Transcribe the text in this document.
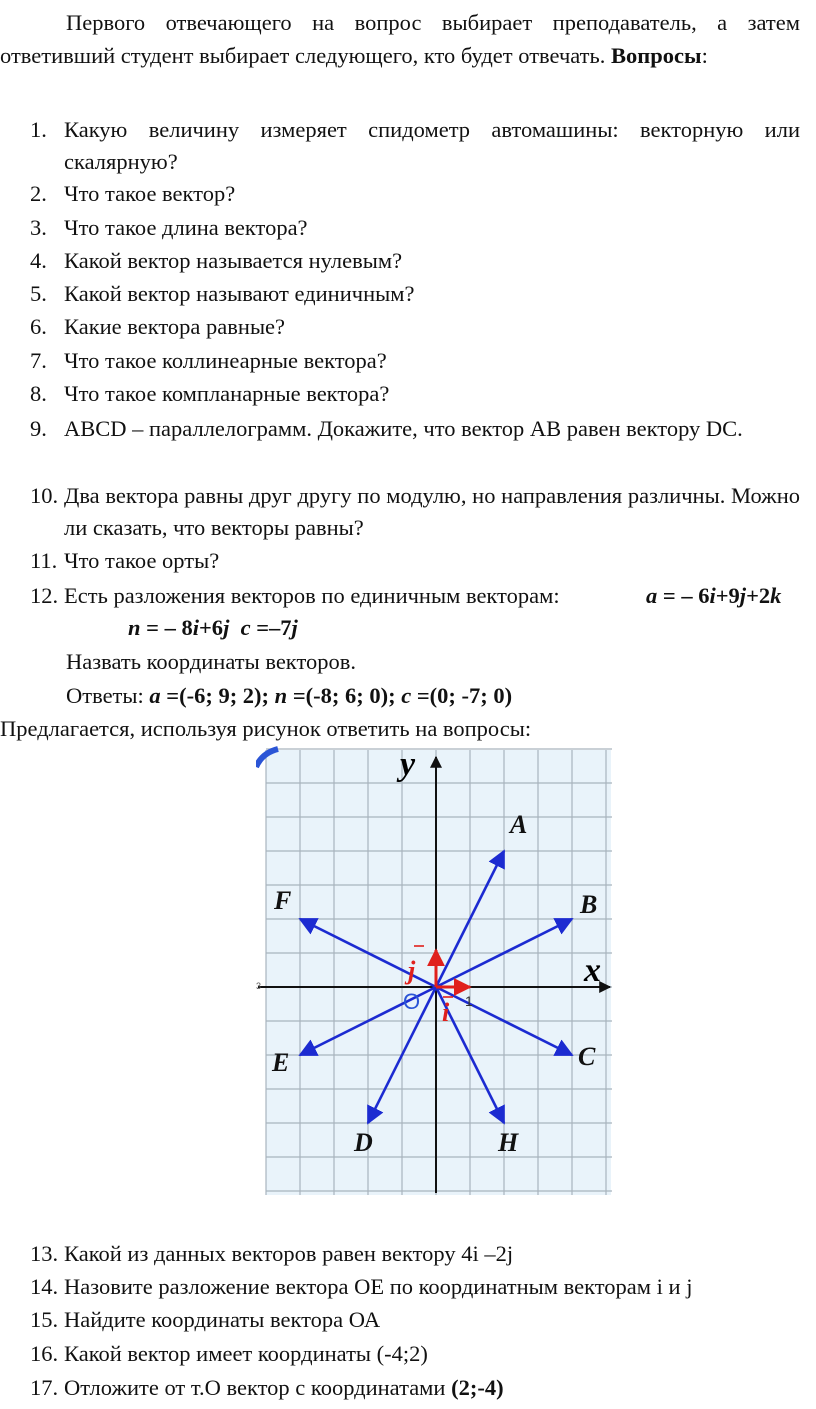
Первого отвечающего на вопрос выбирает преподаватель, а затем ответивший студент выбирает следующего, кто будет отвечать. Вопросы:
1. Какую величину измеряет спидометр автомашины: векторную или скалярную?
2. Что такое вектор?
3. Что такое длина вектора?
4. Какой вектор называется нулевым?
5. Какой вектор называют единичным?
6. Какие вектора равные?
7. Что такое коллинеарные вектора?
8. Что такое компланарные вектора?
9. ABCD – параллелограмм. Докажите, что вектор АВ равен вектору DC.
10. Два вектора равны друг другу по модулю, но направления различны. Можно ли сказать, что векторы равны?
11. Что такое орты?
12. Есть разложения векторов по единичным векторам:	a = – 6i+9j+2k
n = – 8i+6j c =–7j
Назвать координаты векторов.
Ответы: a =(-6; 9; 2); n =(-8; 6; 0); c =(0; -7; 0)
Предлагается, используя рисунок ответить на вопросы:
x
y
3
A
B
C
H
D
E
F
i
j
O	1
13. Какой из данных векторов равен вектору 4i –2j
14. Назовите разложение вектора ОЕ по координатным векторам i и j
15. Найдите координаты вектора ОА
16. Какой вектор имеет координаты (-4;2)
17. Отложите от т.О вектор с координатами (2;-4)
